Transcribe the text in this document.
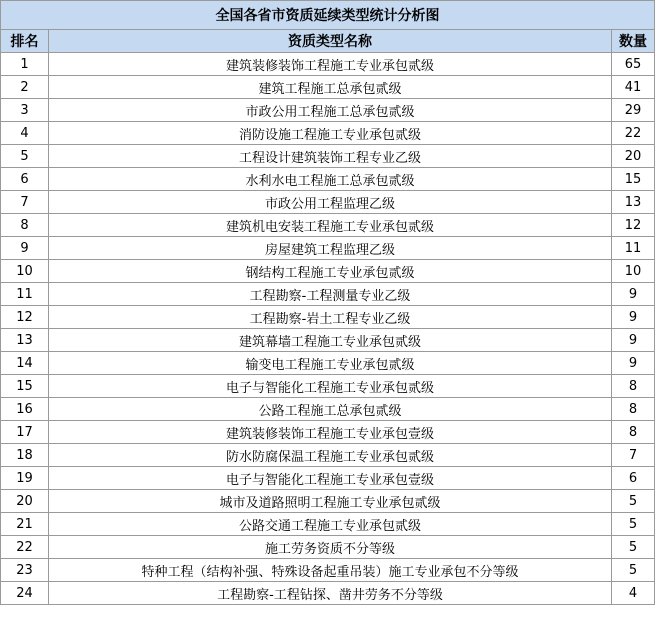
全国各省市资质延续类型统计分析图		
排名	资质类型名称	数量
1	建筑装修装饰工程施工专业承包贰级	65
2	建筑工程施工总承包贰级	41
3	市政公用工程施工总承包贰级	29
4	消防设施工程施工专业承包贰级	22
5	工程设计建筑装饰工程专业乙级	20
6	水利水电工程施工总承包贰级	15
7	市政公用工程监理乙级	13
8	建筑机电安装工程施工专业承包贰级	12
9	房屋建筑工程监理乙级	11
10	钢结构工程施工专业承包贰级	10
11	工程勘察-工程测量专业乙级	9
12	工程勘察-岩土工程专业乙级	9
13	建筑幕墙工程施工专业承包贰级	9
14	输变电工程施工专业承包贰级	9
15	电子与智能化工程施工专业承包贰级	8
16	公路工程施工总承包贰级	8
17	建筑装修装饰工程施工专业承包壹级	8
18	防水防腐保温工程施工专业承包贰级	7
19	电子与智能化工程施工专业承包壹级	6
20	城市及道路照明工程施工专业承包贰级	5
21	公路交通工程施工专业承包贰级	5
22	施工劳务资质不分等级	5
23	特种工程（结构补强、特殊设备起重吊装）施工专业承包不分等级	5
24	工程勘察-工程钻探、凿井劳务不分等级	4
